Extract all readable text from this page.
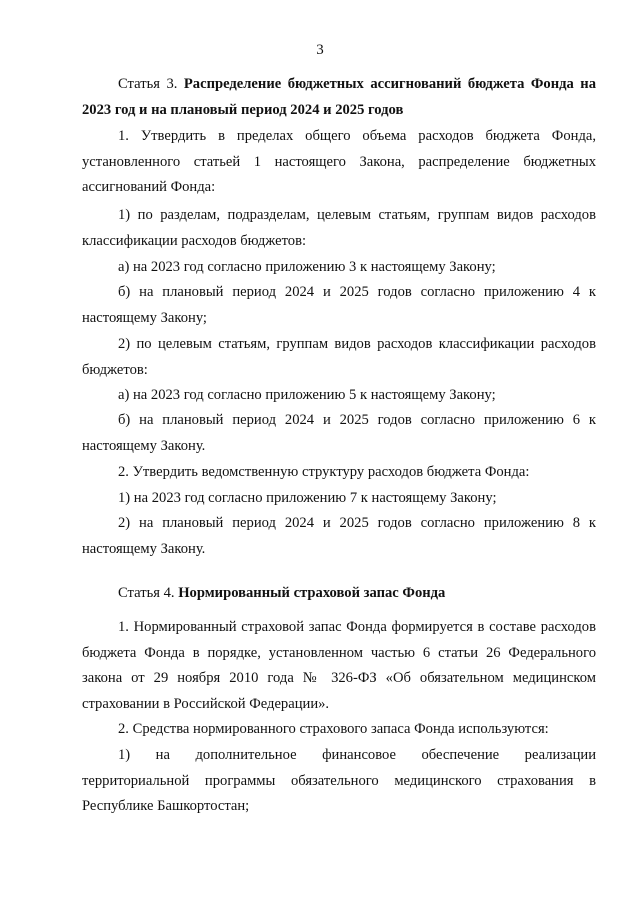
3
Статья 3. Распределение бюджетных ассигнований бюджета Фонда на 2023 год и на плановый период 2024 и 2025 годов
1. Утвердить в пределах общего объема расходов бюджета Фонда, установленного статьей 1 настоящего Закона, распределение бюджетных ассигнований Фонда:
1) по разделам, подразделам, целевым статьям, группам видов расходов классификации расходов бюджетов:
а) на 2023 год согласно приложению 3 к настоящему Закону;
б) на плановый период 2024 и 2025 годов согласно приложению 4 к настоящему Закону;
2) по целевым статьям, группам видов расходов классификации расходов бюджетов:
а) на 2023 год согласно приложению 5 к настоящему Закону;
б) на плановый период 2024 и 2025 годов согласно приложению 6 к настоящему Закону.
2. Утвердить ведомственную структуру расходов бюджета Фонда:
1) на 2023 год согласно приложению 7 к настоящему Закону;
2) на плановый период 2024 и 2025 годов согласно приложению 8 к настоящему Закону.
Статья 4. Нормированный страховой запас Фонда
1. Нормированный страховой запас Фонда формируется в составе расходов бюджета Фонда в порядке, установленном частью 6 статьи 26 Федерального закона от 29 ноября 2010 года № 326-ФЗ «Об обязательном медицинском страховании в Российской Федерации».
2. Средства нормированного страхового запаса Фонда используются:
1) на дополнительное финансовое обеспечение реализации территориальной программы обязательного медицинского страхования в Республике Башкортостан;
